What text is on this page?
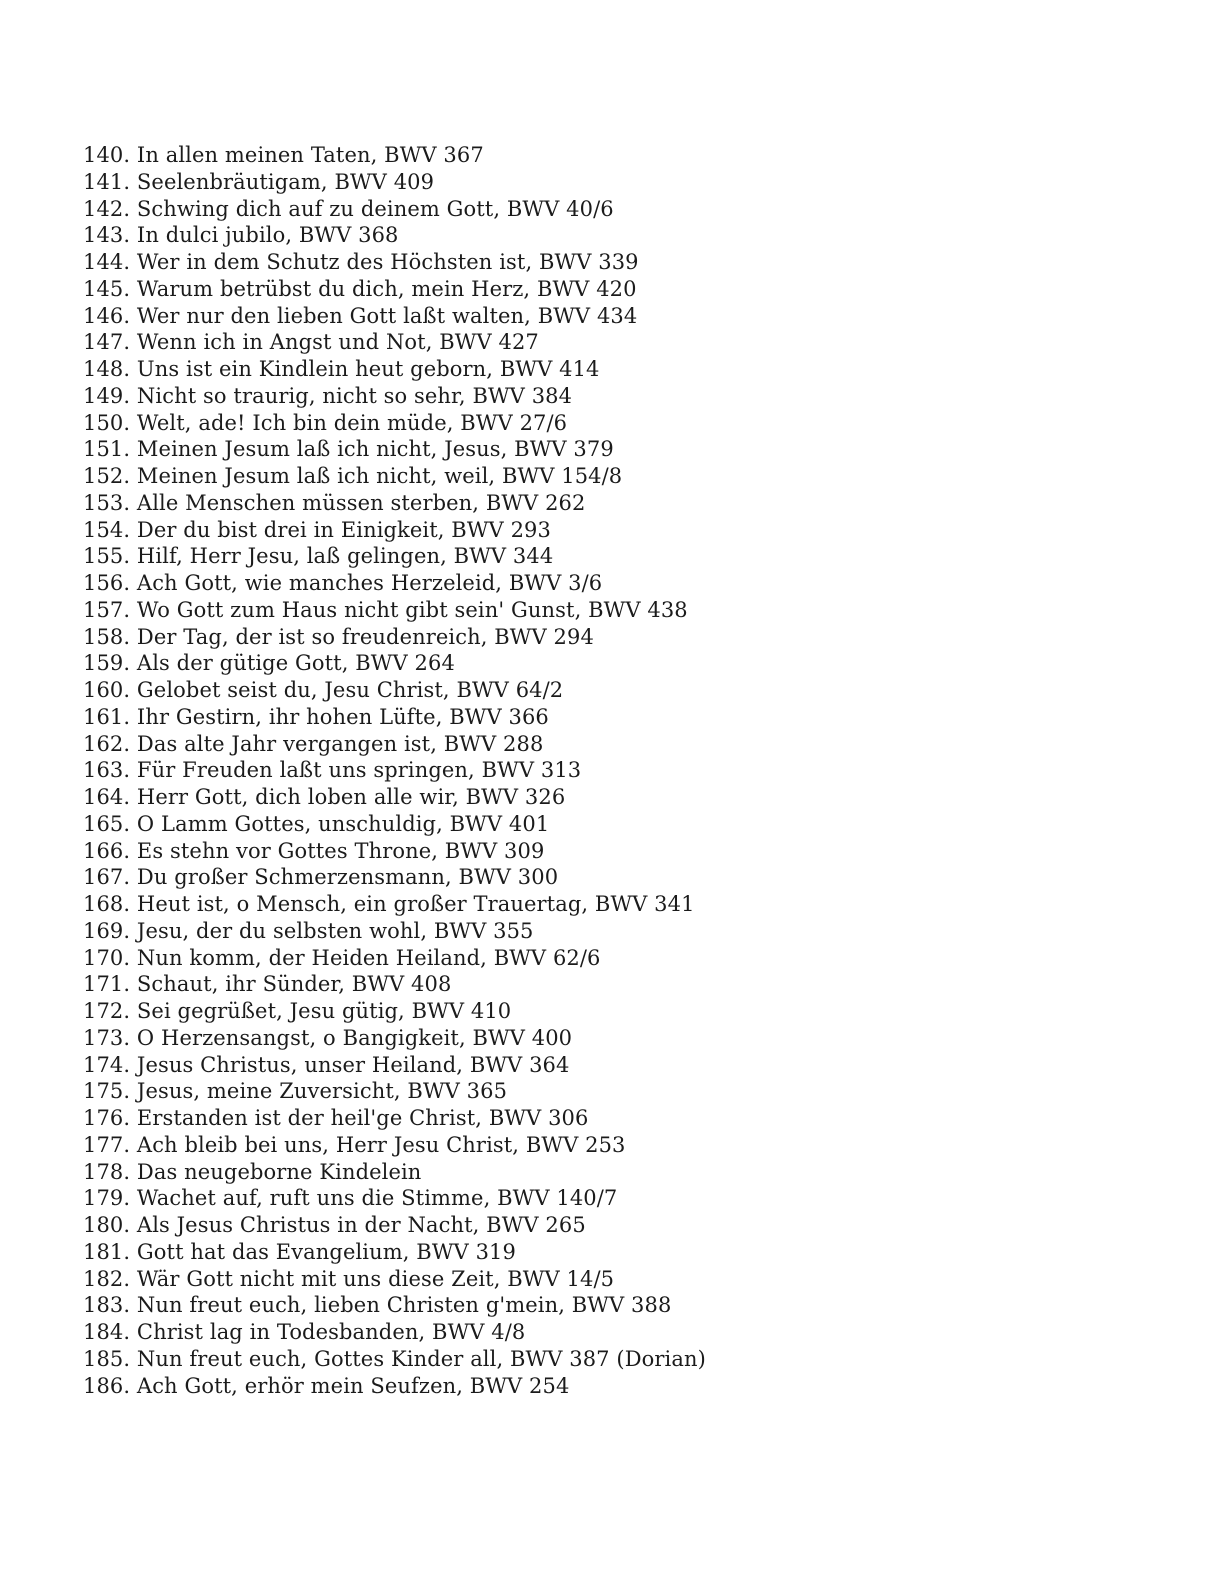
140. In allen meinen Taten, BWV 367
141. Seelenbräutigam, BWV 409
142. Schwing dich auf zu deinem Gott, BWV 40/6
143. In dulci jubilo, BWV 368
144. Wer in dem Schutz des Höchsten ist, BWV 339
145. Warum betrübst du dich, mein Herz, BWV 420
146. Wer nur den lieben Gott laßt walten, BWV 434
147. Wenn ich in Angst und Not, BWV 427
148. Uns ist ein Kindlein heut geborn, BWV 414
149. Nicht so traurig, nicht so sehr, BWV 384
150. Welt, ade! Ich bin dein müde, BWV 27/6
151. Meinen Jesum laß ich nicht, Jesus, BWV 379
152. Meinen Jesum laß ich nicht, weil, BWV 154/8
153. Alle Menschen müssen sterben, BWV 262
154. Der du bist drei in Einigkeit, BWV 293
155. Hilf, Herr Jesu, laß gelingen, BWV 344
156. Ach Gott, wie manches Herzeleid, BWV 3/6
157. Wo Gott zum Haus nicht gibt sein' Gunst, BWV 438
158. Der Tag, der ist so freudenreich, BWV 294
159. Als der gütige Gott, BWV 264
160. Gelobet seist du, Jesu Christ, BWV 64/2
161. Ihr Gestirn, ihr hohen Lüfte, BWV 366
162. Das alte Jahr vergangen ist, BWV 288
163. Für Freuden laßt uns springen, BWV 313
164. Herr Gott, dich loben alle wir, BWV 326
165. O Lamm Gottes, unschuldig, BWV 401
166. Es stehn vor Gottes Throne, BWV 309
167. Du großer Schmerzensmann, BWV 300
168. Heut ist, o Mensch, ein großer Trauertag, BWV 341
169. Jesu, der du selbsten wohl, BWV 355
170. Nun komm, der Heiden Heiland, BWV 62/6
171. Schaut, ihr Sünder, BWV 408
172. Sei gegrüßet, Jesu gütig, BWV 410
173. O Herzensangst, o Bangigkeit, BWV 400
174. Jesus Christus, unser Heiland, BWV 364
175. Jesus, meine Zuversicht, BWV 365
176. Erstanden ist der heil'ge Christ, BWV 306
177. Ach bleib bei uns, Herr Jesu Christ, BWV 253
178. Das neugeborne Kindelein
179. Wachet auf, ruft uns die Stimme, BWV 140/7
180. Als Jesus Christus in der Nacht, BWV 265
181. Gott hat das Evangelium, BWV 319
182. Wär Gott nicht mit uns diese Zeit, BWV 14/5
183. Nun freut euch, lieben Christen g'mein, BWV 388
184. Christ lag in Todesbanden, BWV 4/8
185. Nun freut euch, Gottes Kinder all, BWV 387 (Dorian)
186. Ach Gott, erhör mein Seufzen, BWV 254
